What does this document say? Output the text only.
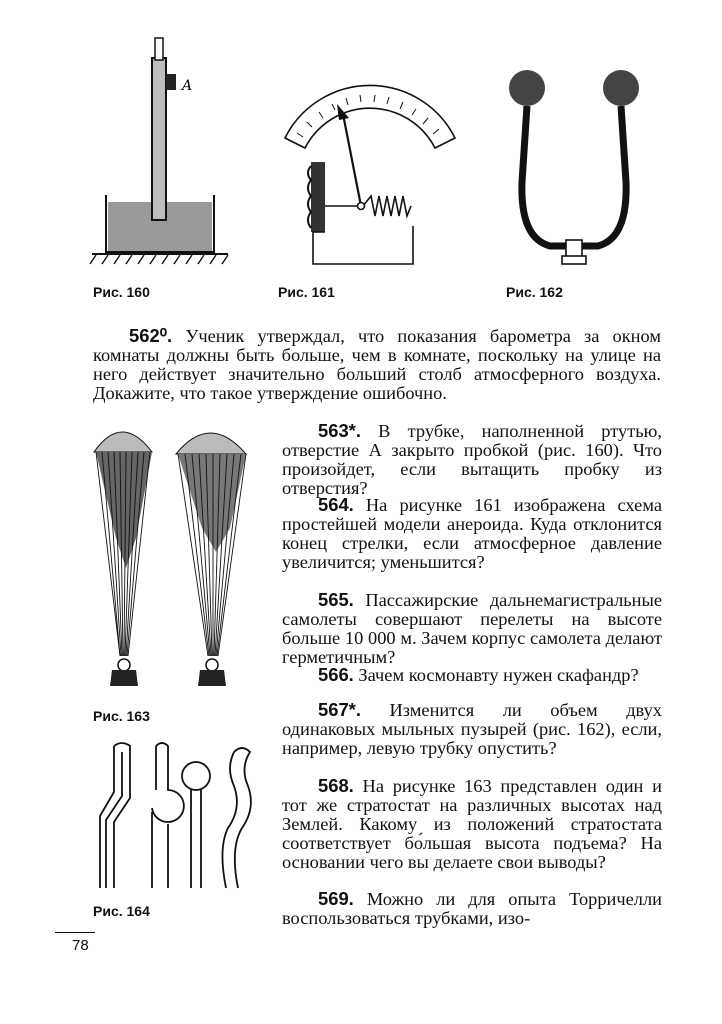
A
Рис. 160	Рис. 161	Рис. 162
Рис. 163
Рис. 164

562⁰. Ученик утверждал, что показания барометра за окном комнаты должны быть больше, чем в комнате, поскольку на улице на него действует значительно больший столб атмосферного воздуха. Докажите, что такое утверждение ошибочно.

563*. В трубке, наполненной ртутью, отверстие А закрыто пробкой (рис. 160). Что произойдет, если вытащить пробку из отверстия?

564. На рисунке 161 изображена схема простейшей модели анероида. Куда отклонится конец стрелки, если атмосферное давление увеличится; уменьшится?

565. Пассажирские дальнемагистральные самолеты совершают перелеты на высоте больше 10 000 м. Зачем корпус самолета делают герметичным?

566. Зачем космонавту нужен скафандр?

567*. Изменится ли объем двух одинаковых мыльных пузырей (рис. 162), если, например, левую трубку опустить?

568. На рисунке 163 представлен один и тот же стратостат на различных высотах над Землей. Какому из положений стратостата соответствует бо́льшая высота подъема? На основании чего вы делаете свои выводы?

569. Можно ли для опыта Торричелли воспользоваться трубками, изо-

78
